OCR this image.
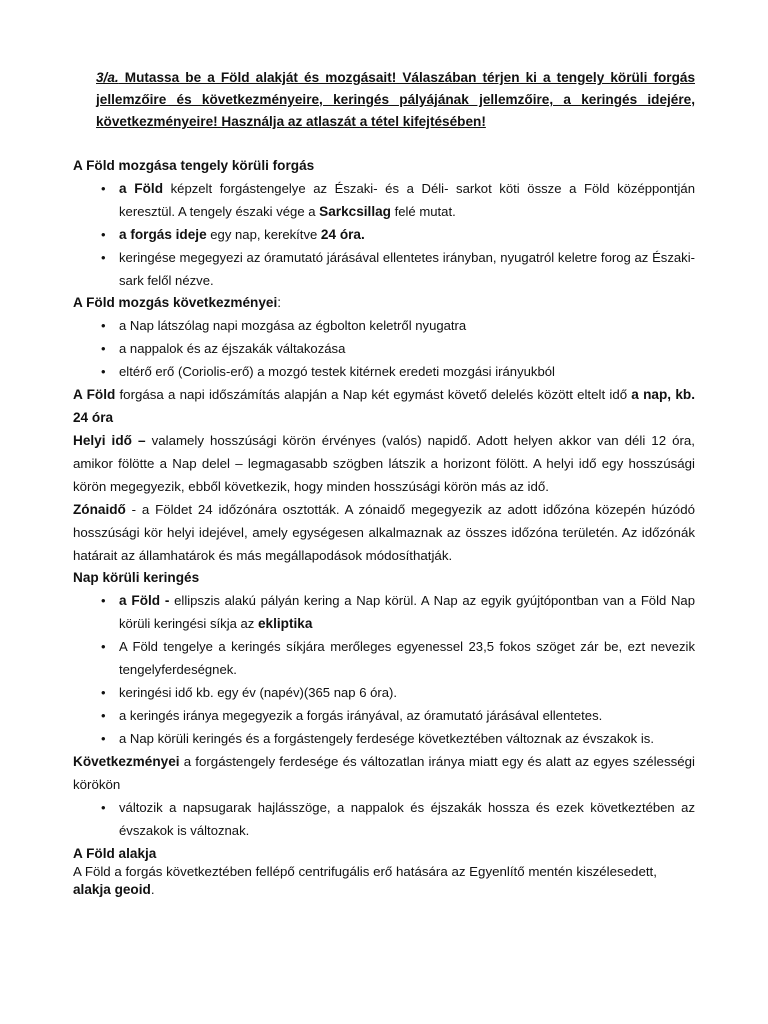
3/a. Mutassa be a Föld alakját és mozgásait! Válaszában térjen ki a tengely körüli forgás jellemzőire és következményeire, keringés pályájának jellemzőire, a keringés idejére, következményeire! Használja az atlaszát a tétel kifejtésében!

A Föld mozgása tengely körüli forgás

• a Föld képzelt forgástengelye az Északi- és a Déli- sarkot köti össze a Föld középpontján keresztül. A tengely északi vége a Sarkcsillag felé mutat.
• a forgás ideje egy nap, kerekítve 24 óra.
• keringése megegyezi az óramutató járásával ellentetes irányban, nyugatról keletre forog az Északi-sark felől nézve.

A Föld mozgás következményei:

• a Nap látszólag napi mozgása az égbolton keletről nyugatra
• a nappalok és az éjszakák váltakozása
• eltérő erő (Coriolis-erő) a mozgó testek kitérnek eredeti mozgási irányukból

A Föld forgása a napi időszámítás alapján a Nap két egymást követő delelés között eltelt idő a nap, kb. 24 óra

Helyi idő – valamely hosszúsági körön érvényes (valós) napidő. Adott helyen akkor van déli 12 óra, amikor fölötte a Nap delel – legmagasabb szögben látszik a horizont fölött. A helyi idő egy hosszúsági körön megegyezik, ebből következik, hogy minden hosszúsági körön más az idő.

Zónaidő - a Földet 24 időzónára osztották. A zónaidő megegyezik az adott időzóna közepén húzódó hosszúsági kör helyi idejével, amely egységesen alkalmaznak az összes időzóna területén. Az időzónák határait az államhatárok és más megállapodások módosíthatják.

Nap körüli keringés

• a Föld - ellipszis alakú pályán kering a Nap körül. A Nap az egyik gyújtópontban van a Föld Nap körüli keringési síkja az ekliptika
• A Föld tengelye a keringés síkjára merőleges egyenessel 23,5 fokos szöget zár be, ezt nevezik tengelyferdeségnek.
• keringési idő kb. egy év (napév)(365 nap 6 óra).
• a keringés iránya megegyezik a forgás irányával, az óramutató járásával ellentetes.
• a Nap körüli keringés és a forgástengely ferdesége következtében változnak az évszakok is.

Következményei a forgástengely ferdesége és változatlan iránya miatt egy és alatt az egyes szélességi körökön

• változik a napsugarak hajlásszöge, a nappalok és éjszakák hossza és ezek következtében az évszakok is változnak.

A Föld alakja

A Föld a forgás következtében fellépő centrifugális erő hatására az Egyenlítő mentén kiszélesedett,
alakja geoid.
